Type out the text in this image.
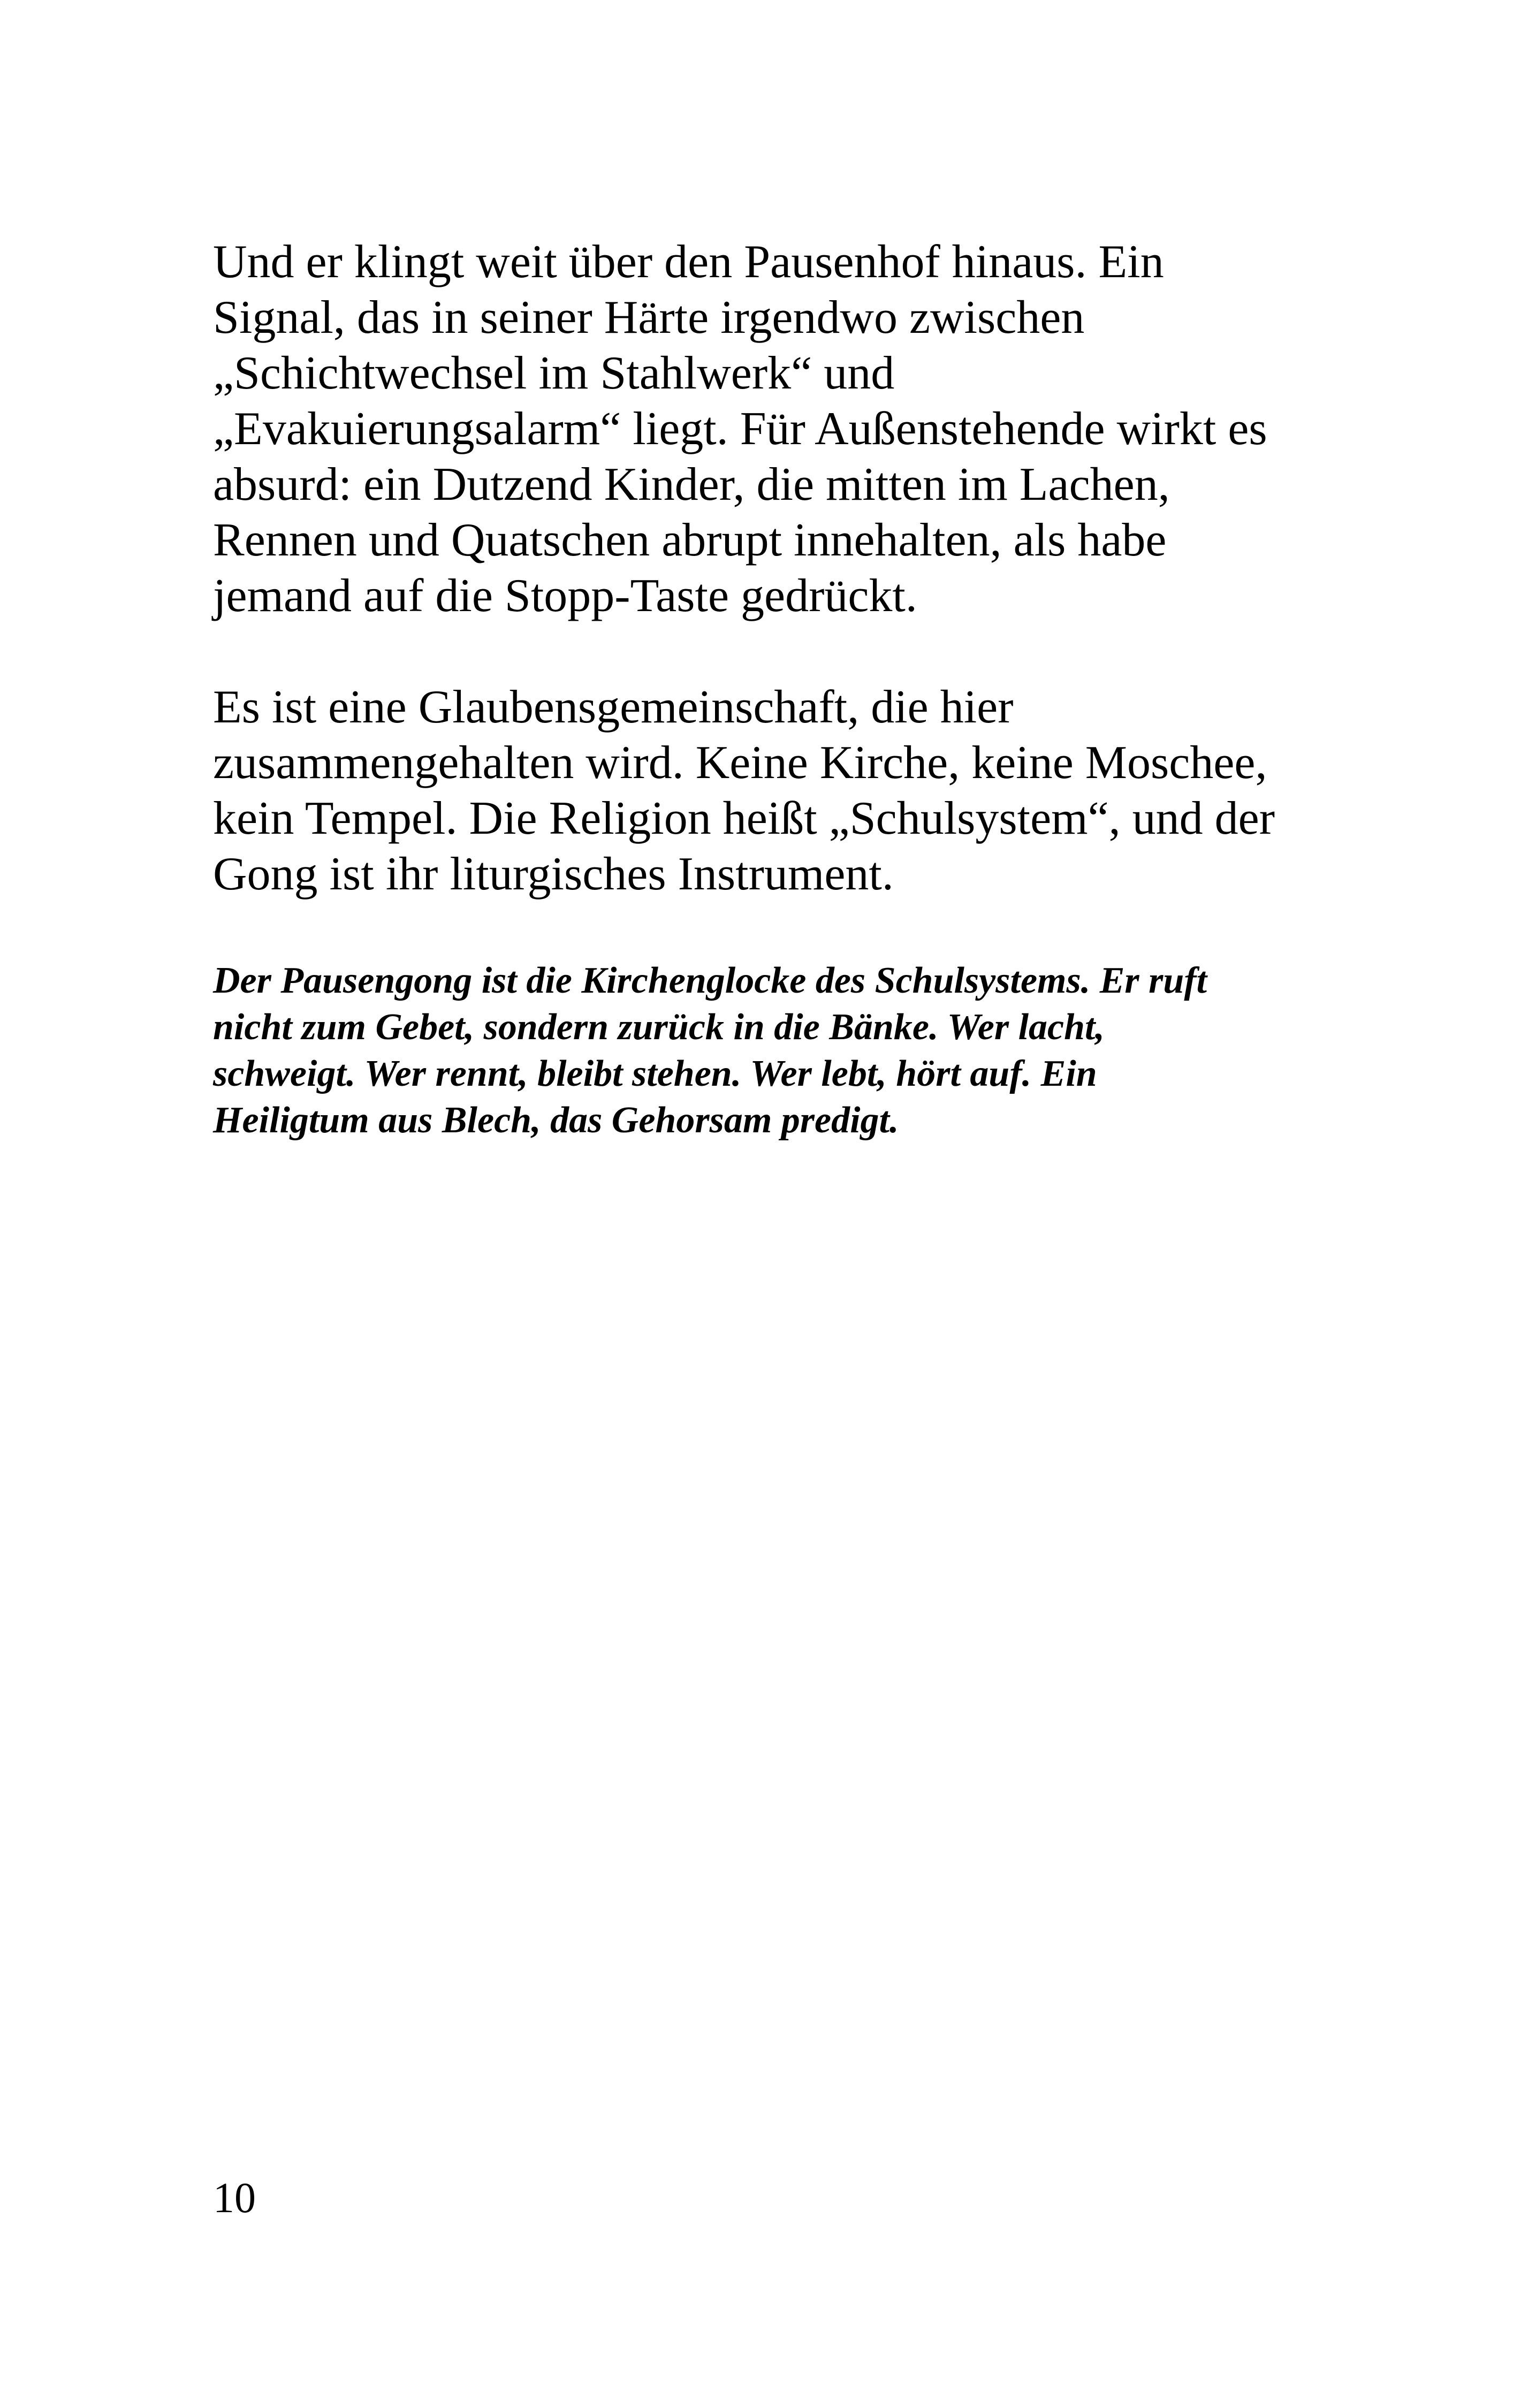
Und er klingt weit über den Pausenhof hinaus. Ein
Signal, das in seiner Härte irgendwo zwischen
„Schichtwechsel im Stahlwerk“ und
„Evakuierungsalarm“ liegt. Für Außenstehende wirkt es
absurd: ein Dutzend Kinder, die mitten im Lachen,
Rennen und Quatschen abrupt innehalten, als habe
jemand auf die Stopp-Taste gedrückt.

Es ist eine Glaubensgemeinschaft, die hier
zusammengehalten wird. Keine Kirche, keine Moschee,
kein Tempel. Die Religion heißt „Schulsystem“, und der
Gong ist ihr liturgisches Instrument.

Der Pausengong ist die Kirchenglocke des Schulsystems. Er ruft
nicht zum Gebet, sondern zurück in die Bänke. Wer lacht,
schweigt. Wer rennt, bleibt stehen. Wer lebt, hört auf. Ein
Heiligtum aus Blech, das Gehorsam predigt.

10
